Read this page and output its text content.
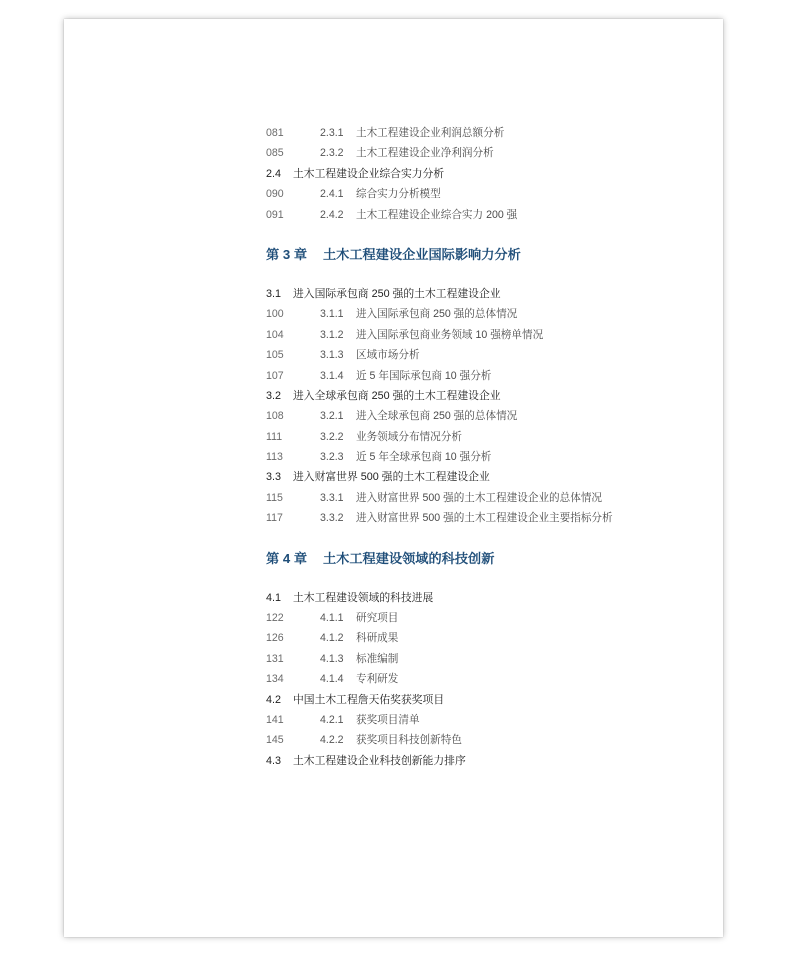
081	2.3.1 土木工程建设企业利润总额分析
085	2.3.2 土木工程建设企业净利润分析
2.4 土木工程建设企业综合实力分析
090	2.4.1 综合实力分析模型
091	2.4.2 土木工程建设企业综合实力 200 强
第 3 章 土木工程建设企业国际影响力分析
3.1 进入国际承包商 250 强的土木工程建设企业
100	3.1.1 进入国际承包商 250 强的总体情况
104	3.1.2 进入国际承包商业务领域 10 强榜单情况
105	3.1.3 区域市场分析
107	3.1.4 近 5 年国际承包商 10 强分析
3.2 进入全球承包商 250 强的土木工程建设企业
108	3.2.1 进入全球承包商 250 强的总体情况
111	3.2.2 业务领域分布情况分析
113	3.2.3 近 5 年全球承包商 10 强分析
3.3 进入财富世界 500 强的土木工程建设企业
115	3.3.1 进入财富世界 500 强的土木工程建设企业的总体情况
117	3.3.2 进入财富世界 500 强的土木工程建设企业主要指标分析
第 4 章 土木工程建设领域的科技创新
4.1 土木工程建设领域的科技进展
122	4.1.1 研究项目
126	4.1.2 科研成果
131	4.1.3 标准编制
134	4.1.4 专利研发
4.2 中国土木工程詹天佑奖获奖项目
141	4.2.1 获奖项目清单
145	4.2.2 获奖项目科技创新特色
4.3 土木工程建设企业科技创新能力排序
